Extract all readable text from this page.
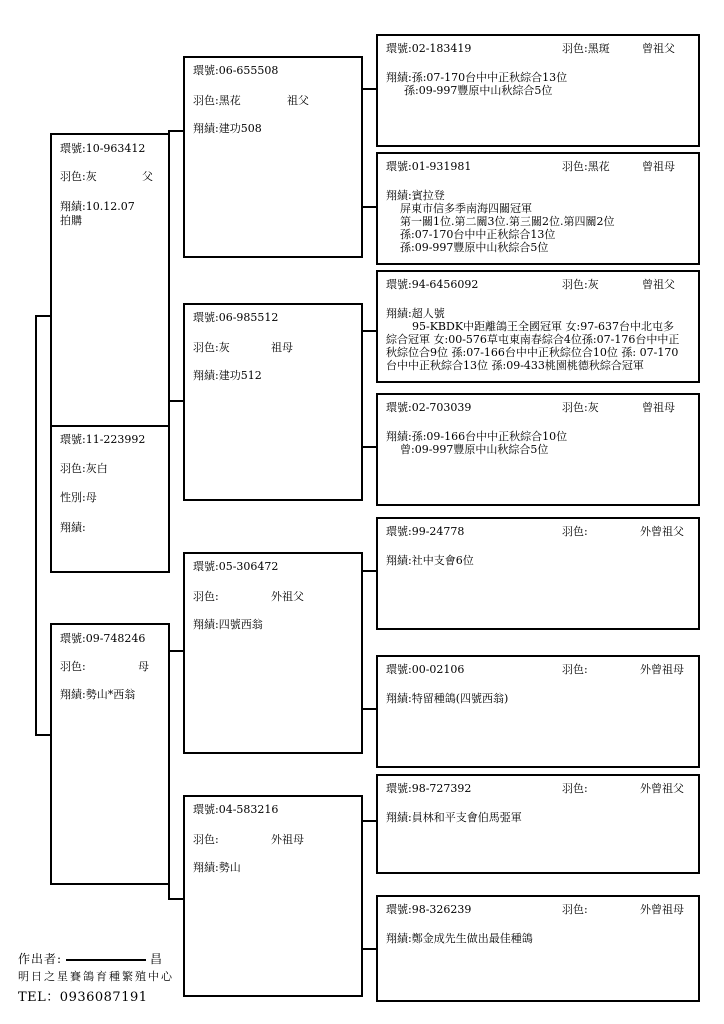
環號:10-963412
羽色:灰	父
翔績:10.12.07
拍購
環號:11-223992
羽色:灰白
性別:母
翔績:
環號:09-748246
羽色:	母
翔績:勢山*西翁
環號:06-655508
羽色:黑花	祖父
翔績:建功508
環號:06-985512
羽色:灰	祖母
翔績:建功512
環號:05-306472
羽色:	外祖父
翔績:四號西翁
環號:04-583216
羽色:	外祖母
翔績:勢山
環號:02-183419	羽色:黑斑	曾祖父
翔績:孫:07-170台中中正秋綜合13位
孫:09-997豐原中山秋綜合5位
環號:01-931981	羽色:黑花	曾祖母
翔績:賓拉登
屏東市信多季南海四關冠軍
第一關1位.第二關3位.第三關2位.第四關2位
孫:07-170台中中正秋綜合13位
孫:09-997豐原中山秋綜合5位
環號:94-6456092	羽色:灰	曾祖父
翔績:超人號
95-KBDK中距離鴿王全國冠軍 女:97-637台中北屯多
綜合冠軍 女:00-576草屯東南春綜合4位孫:07-176台中中正
秋綜位合9位 孫:07-166台中中正秋綜位合10位 孫: 07-170
台中中正秋綜合13位 孫:09-433桃園桃德秋綜合冠軍
環號:02-703039	羽色:灰	曾祖母
翔績:孫:09-166台中中正秋綜合10位
曾:09-997豐原中山秋綜合5位
環號:99-24778	羽色:	外曾祖父
翔績:社中支會6位
環號:00-02106	羽色:	外曾祖母
翔績:特留種鴿(四號西翁)
環號:98-727392	羽色:	外曾祖父
翔績:員林和平支會伯馬弫軍
環號:98-326239	羽色:	外曾祖母
翔績:鄭金成先生做出最佳種鴿
作出者:	昌
明日之星賽鴿育種繁殖中心
TEL：0936087191
